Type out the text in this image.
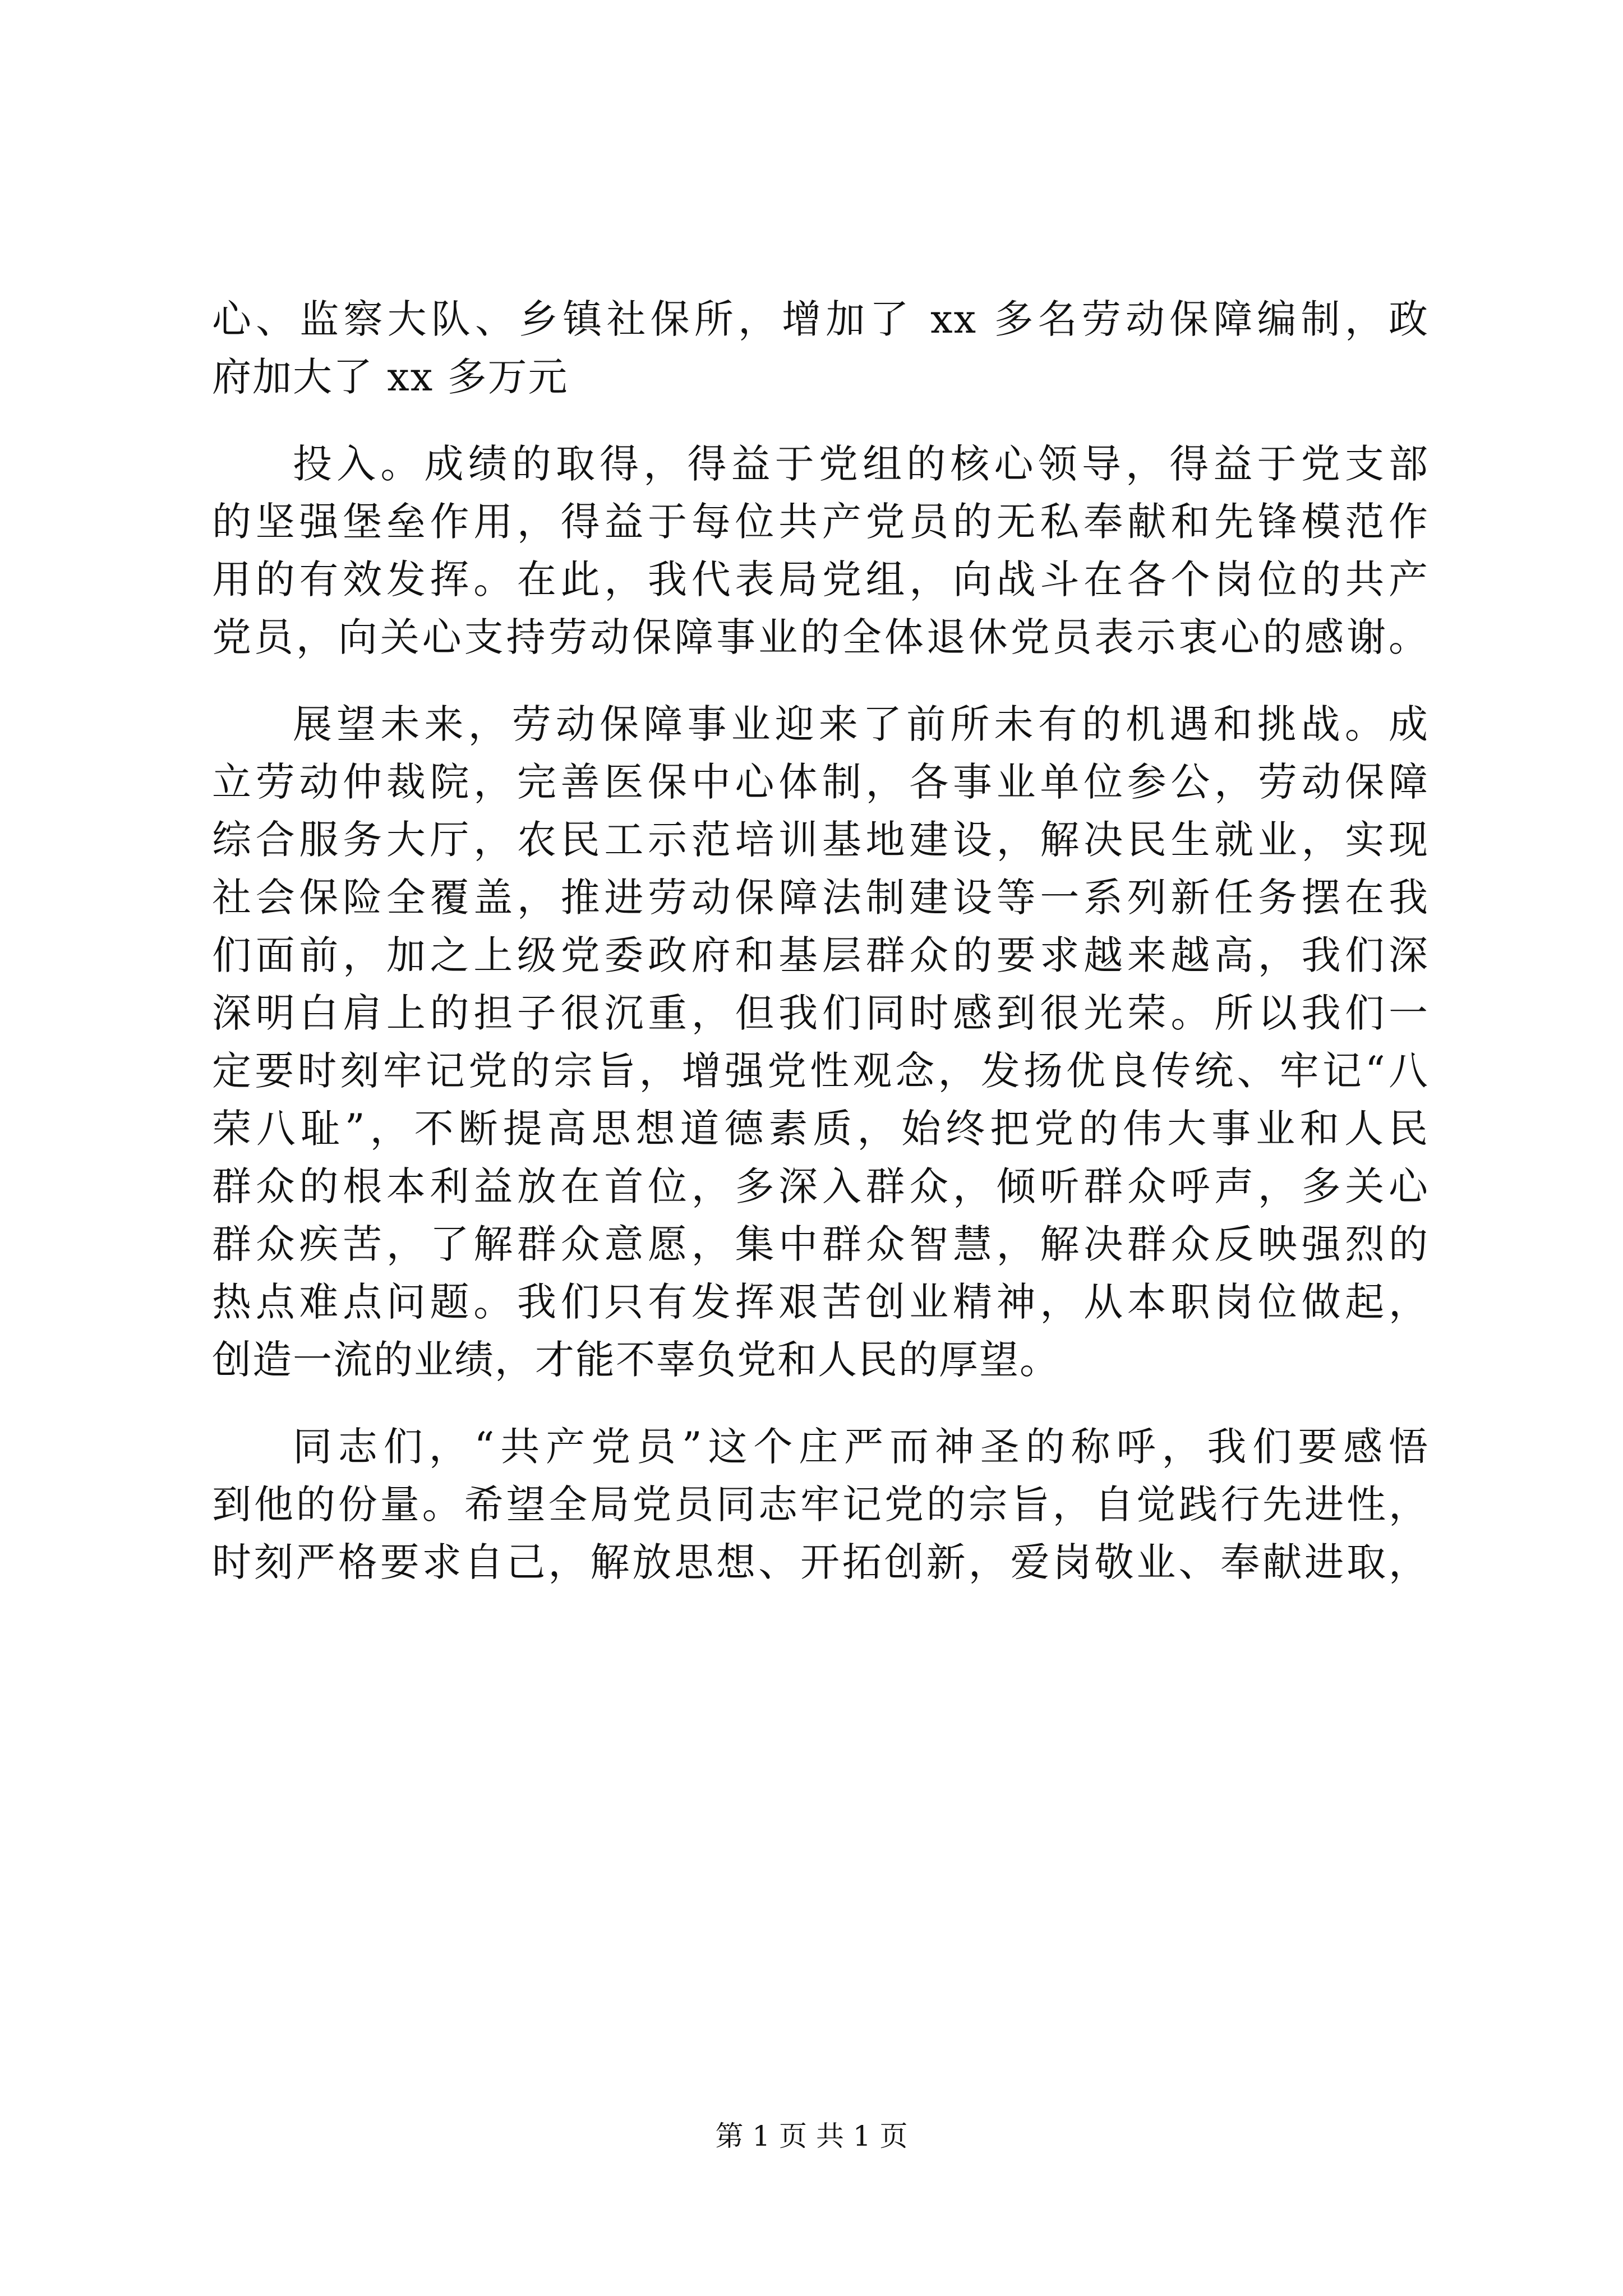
心、监察大队、乡镇社保所，增加了 xx 多名劳动保障编制，政
府加大了 xx 多万元
投入。成绩的取得，得益于党组的核心领导，得益于党支部
的坚强堡垒作用，得益于每位共产党员的无私奉献和先锋模范作
用的有效发挥。在此，我代表局党组，向战斗在各个岗位的共产
党员，向关心支持劳动保障事业的全体退休党员表示衷心的感谢。
展望未来，劳动保障事业迎来了前所未有的机遇和挑战。成
立劳动仲裁院，完善医保中心体制，各事业单位参公，劳动保障
综合服务大厅，农民工示范培训基地建设，解决民生就业，实现
社会保险全覆盖，推进劳动保障法制建设等一系列新任务摆在我
们面前，加之上级党委政府和基层群众的要求越来越高，我们深
深明白肩上的担子很沉重，但我们同时感到很光荣。所以我们一
定要时刻牢记党的宗旨，增强党性观念，发扬优良传统、牢记“八
荣八耻”，不断提高思想道德素质，始终把党的伟大事业和人民
群众的根本利益放在首位，多深入群众，倾听群众呼声，多关心
群众疾苦，了解群众意愿，集中群众智慧，解决群众反映强烈的
热点难点问题。我们只有发挥艰苦创业精神，从本职岗位做起，
创造一流的业绩，才能不辜负党和人民的厚望。
同志们，“共产党员”这个庄严而神圣的称呼，我们要感悟
到他的份量。希望全局党员同志牢记党的宗旨，自觉践行先进性，
时刻严格要求自己，解放思想、开拓创新，爱岗敬业、奉献进取，
第 1 页 共 1 页
